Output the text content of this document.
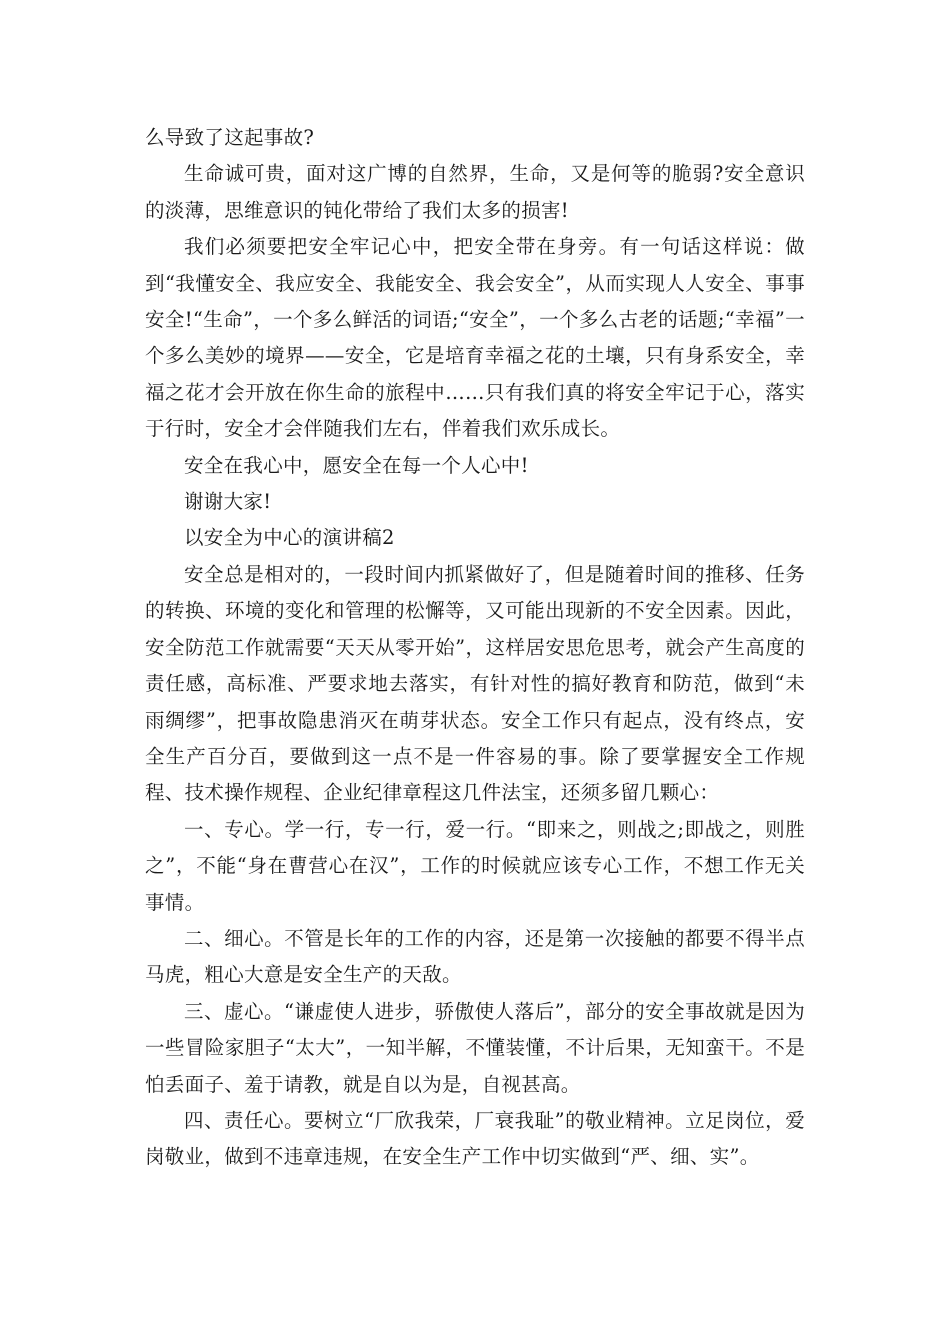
么导致了这起事故?

生命诚可贵，面对这广博的自然界，生命，又是何等的脆弱?安全意识的淡薄，思维意识的钝化带给了我们太多的损害!

我们必须要把安全牢记心中，把安全带在身旁。有一句话这样说：做到“我懂安全、我应安全、我能安全、我会安全”，从而实现人人安全、事事安全!“生命”，一个多么鲜活的词语;“安全”，一个多么古老的话题;“幸福”一个多么美妙的境界——安全，它是培育幸福之花的土壤，只有身系安全，幸福之花才会开放在你生命的旅程中……只有我们真的将安全牢记于心，落实于行时，安全才会伴随我们左右，伴着我们欢乐成长。

安全在我心中，愿安全在每一个人心中!

谢谢大家!

以安全为中心的演讲稿2

安全总是相对的，一段时间内抓紧做好了，但是随着时间的推移、任务的转换、环境的变化和管理的松懈等，又可能出现新的不安全因素。因此，安全防范工作就需要“天天从零开始”，这样居安思危思考，就会产生高度的责任感，高标准、严要求地去落实，有针对性的搞好教育和防范，做到“未雨绸缪”，把事故隐患消灭在萌芽状态。安全工作只有起点，没有终点，安全生产百分百，要做到这一点不是一件容易的事。除了要掌握安全工作规程、技术操作规程、企业纪律章程这几件法宝，还须多留几颗心：

一、专心。学一行，专一行，爱一行。“即来之，则战之;即战之，则胜之”，不能“身在曹营心在汉”，工作的时候就应该专心工作，不想工作无关事情。

二、细心。不管是长年的工作的内容，还是第一次接触的都要不得半点马虎，粗心大意是安全生产的天敌。

三、虚心。“谦虚使人进步，骄傲使人落后”，部分的安全事故就是因为一些冒险家胆子“太大”，一知半解，不懂装懂，不计后果，无知蛮干。不是怕丢面子、羞于请教，就是自以为是，自视甚高。

四、责任心。要树立“厂欣我荣，厂衰我耻”的敬业精神。立足岗位，爱岗敬业，做到不违章违规，在安全生产工作中切实做到“严、细、实”。
